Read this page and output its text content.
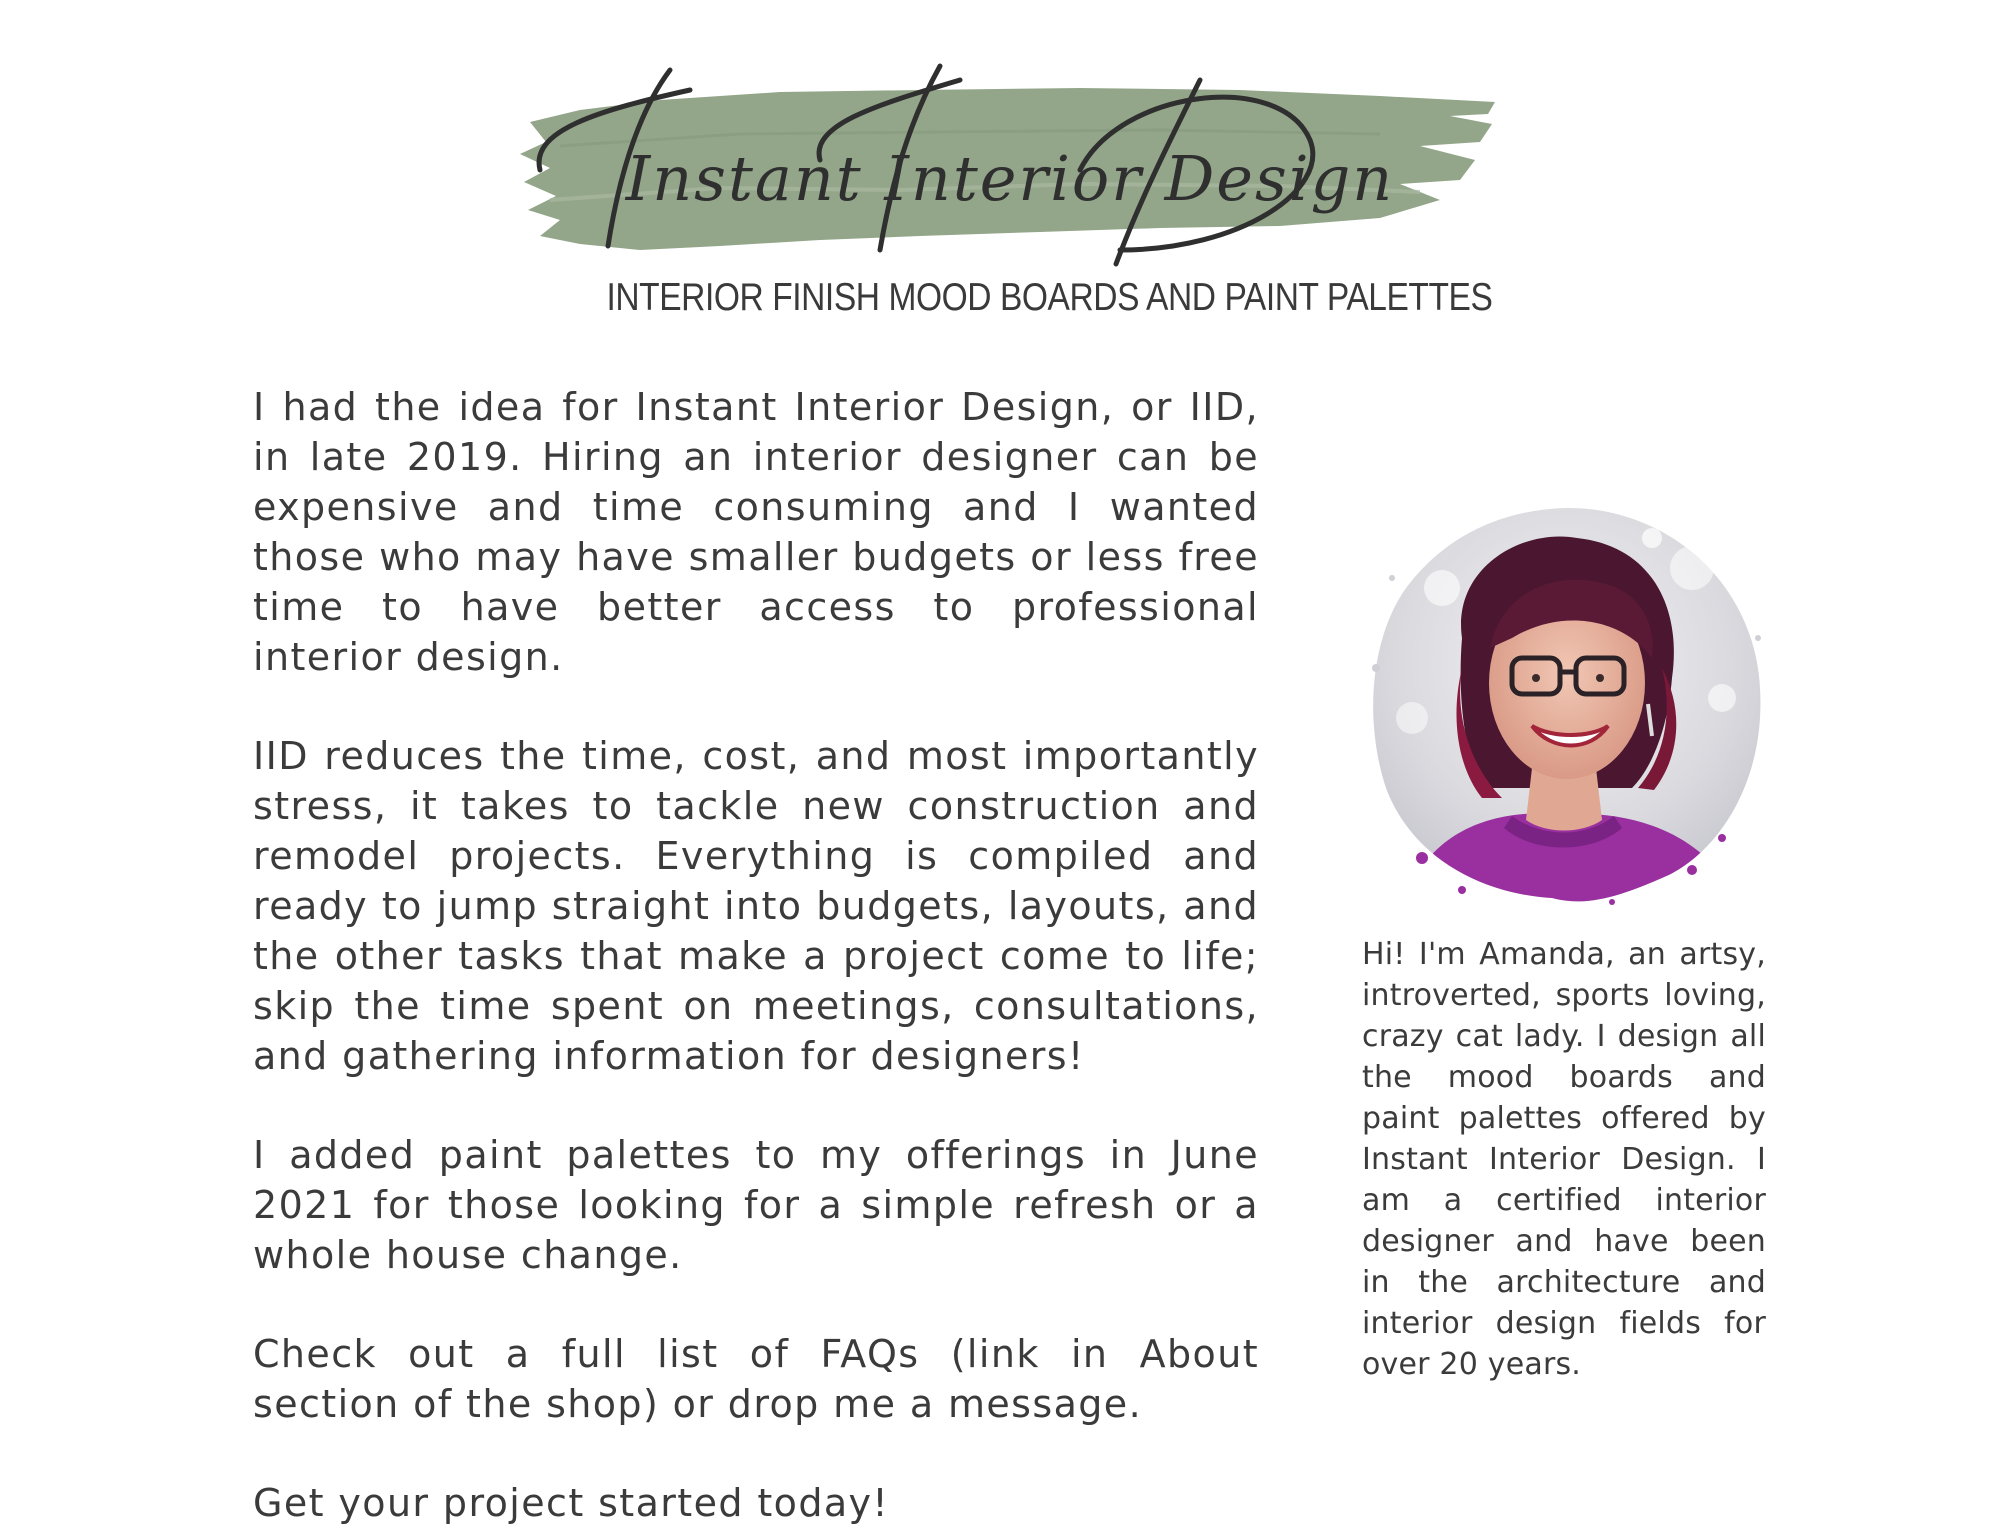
Instant Interior Design
INTERIOR FINISH MOOD BOARDS AND PAINT PALETTES

I had the idea for Instant Interior Design, or IID, in late 2019. Hiring an interior designer can be expensive and time consuming and I wanted those who may have smaller budgets or less free time to have better access to professional interior design.

IID reduces the time, cost, and most importantly stress, it takes to tackle new construction and remodel projects. Everything is compiled and ready to jump straight into budgets, layouts, and the other tasks that make a project come to life; skip the time spent on meetings, consultations, and gathering information for designers!

I added paint palettes to my offerings in June 2021 for those looking for a simple refresh or a whole house change.

Check out a full list of FAQs (link in About section of the shop) or drop me a message.

Get your project started today!

Hi! I'm Amanda, an artsy, introverted, sports loving, crazy cat lady. I design all the mood boards and paint palettes offered by Instant Interior Design. I am a certified interior designer and have been in the architecture and interior design fields for over 20 years.
